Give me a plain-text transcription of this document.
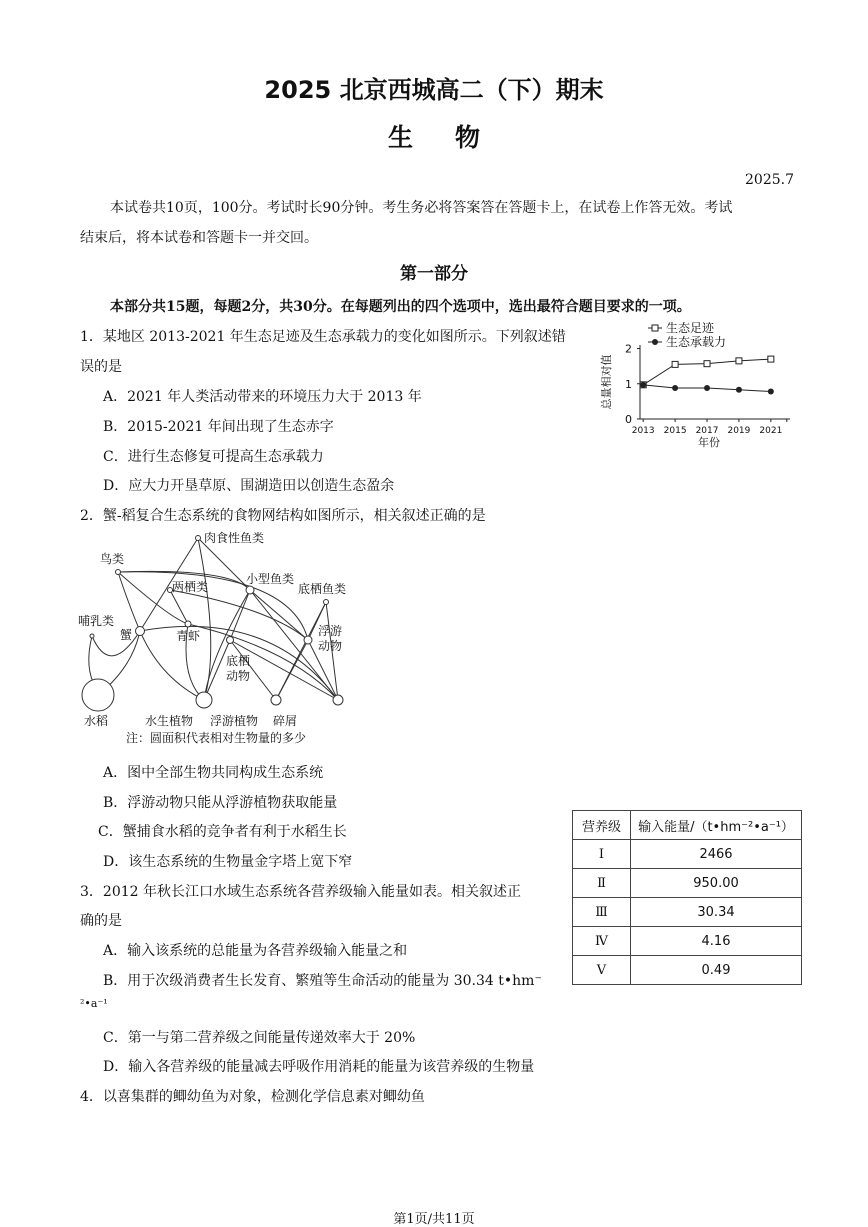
2025 北京西城高二（下）期末
生物
2025.7
本试卷共10页，100分。考试时长90分钟。考生务必将答案答在答题卡上，在试卷上作答无效。考试
结束后，将本试卷和答题卡一并交回。
第一部分
本部分共15题，每题2分，共30分。在每题列出的四个选项中，选出最符合题目要求的一项。
1．某地区 2013-2021 年生态足迹及生态承载力的变化如图所示。下列叙述错
误的是
A．2021 年人类活动带来的环境压力大于 2013 年
B．2015-2021 年间出现了生态赤字
C．进行生态修复可提高生态承载力
D．应大力开垦草原、围湖造田以创造生态盈余
0
1
2
2013 2015 2017 2019 2021
年份
总量相对值
生态足迹
生态承载力
2．蟹-稻复合生态系统的食物网结构如图所示，相关叙述正确的是
肉食性鱼类
鸟类
两栖类
小型鱼类
底栖鱼类
哺乳类
蟹	青虾	浮游
动物
底栖
动物
水稻	水生植物 浮游植物 碎屑
注：圆面积代表相对生物量的多少
A．图中全部生物共同构成生态系统
B．浮游动物只能从浮游植物获取能量
C．蟹捕食水稻的竞争者有利于水稻生长
D．该生态系统的生物量金字塔上宽下窄
营养级	输入能量/（t•hm⁻²•a⁻¹）
Ⅰ	2466
Ⅱ	950.00
Ⅲ	30.34
Ⅳ	4.16
Ⅴ	0.49
3．2012 年秋长江口水域生态系统各营养级输入能量如表。相关叙述正
确的是
A．输入该系统的总能量为各营养级输入能量之和
B．用于次级消费者生长发育、繁殖等生命活动的能量为 30.34 t•hm⁻
²•a⁻¹
C．第一与第二营养级之间能量传递效率大于 20%
D．输入各营养级的能量减去呼吸作用消耗的能量为该营养级的生物量
4．以喜集群的鲫幼鱼为对象，检测化学信息素对鲫幼鱼
第1页/共11页
